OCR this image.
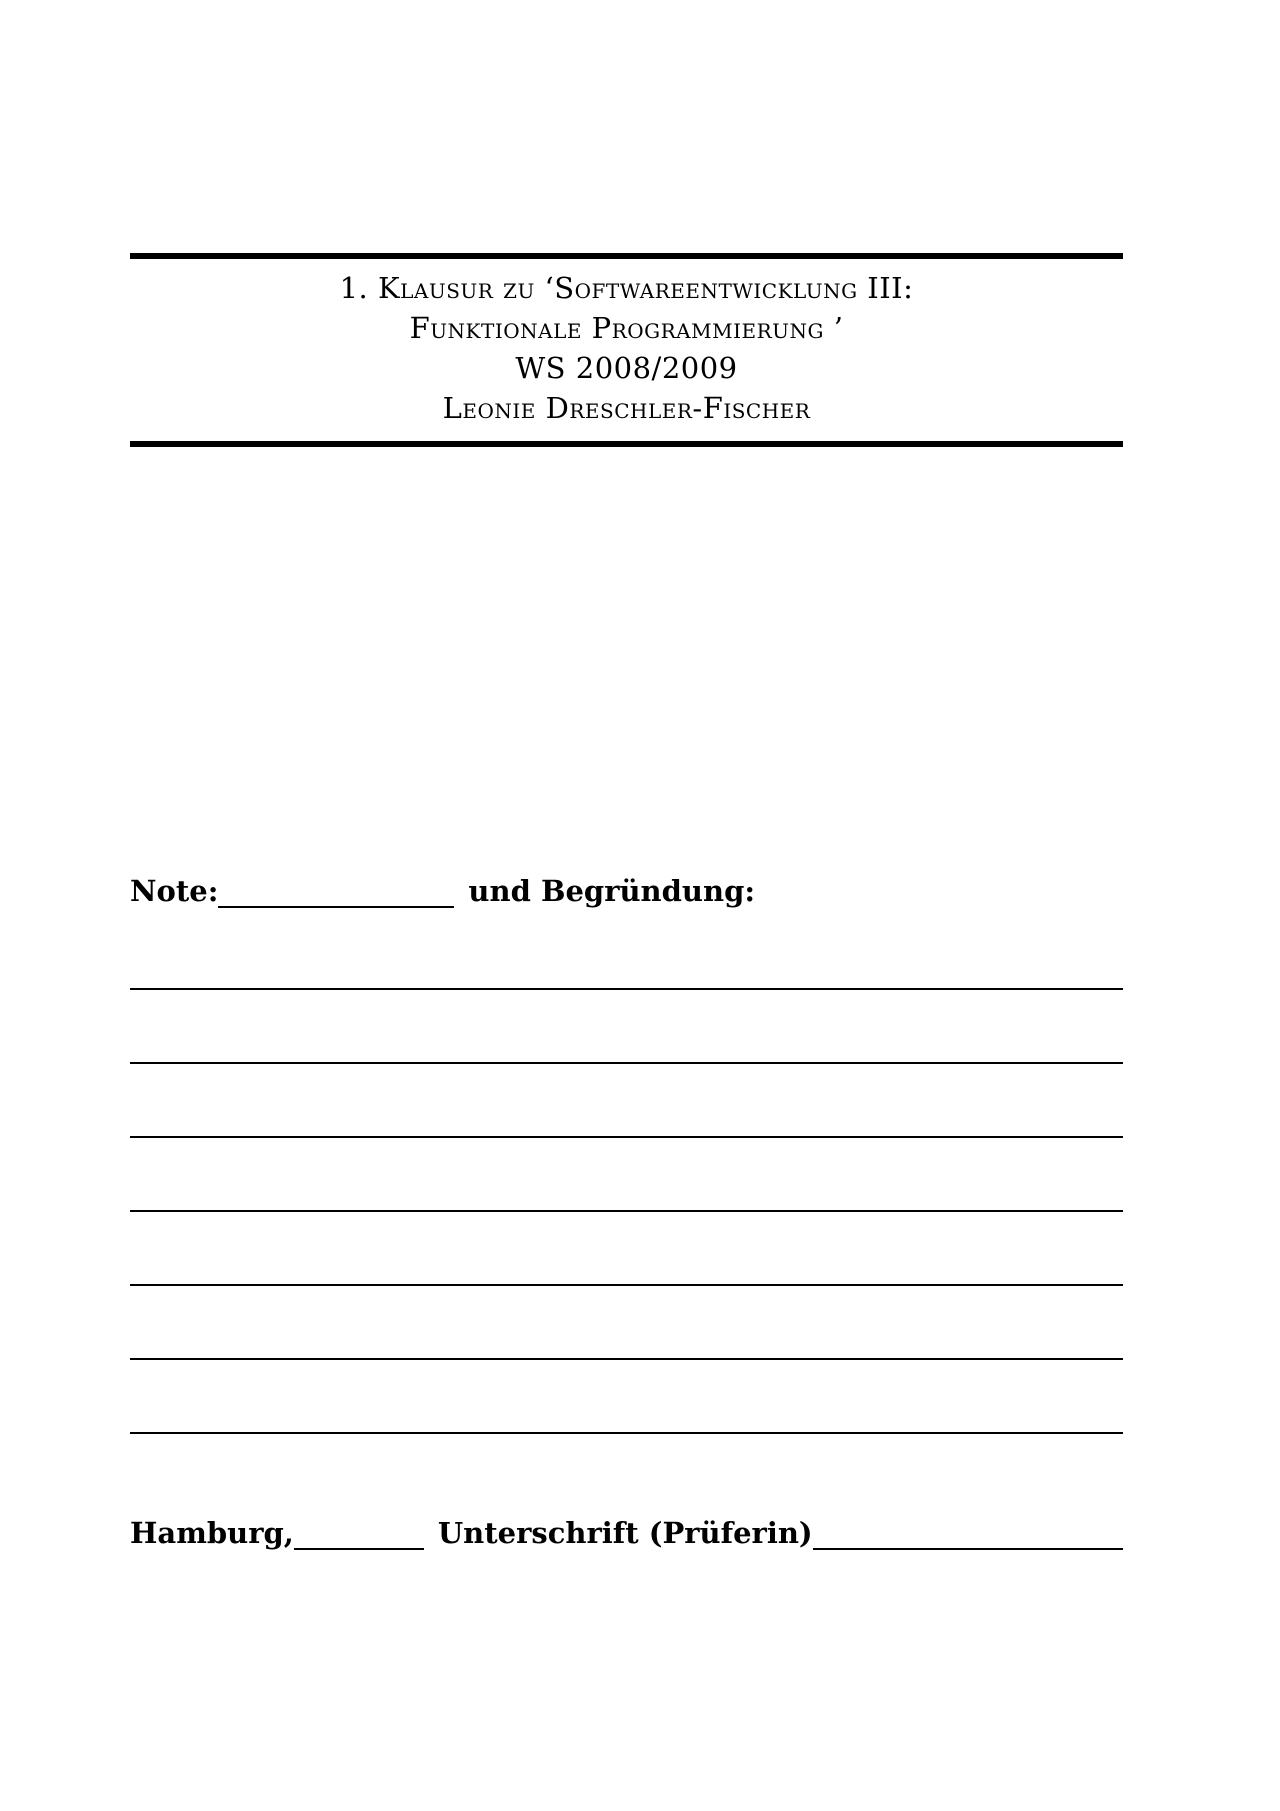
1. Klausur zu ‘Softwareentwicklung III:
Funktionale Programmierung ’
WS 2008/2009
Leonie Dreschler-Fischer
Note:	und Begründung:
Hamburg,	Unterschrift (Prüferin)
